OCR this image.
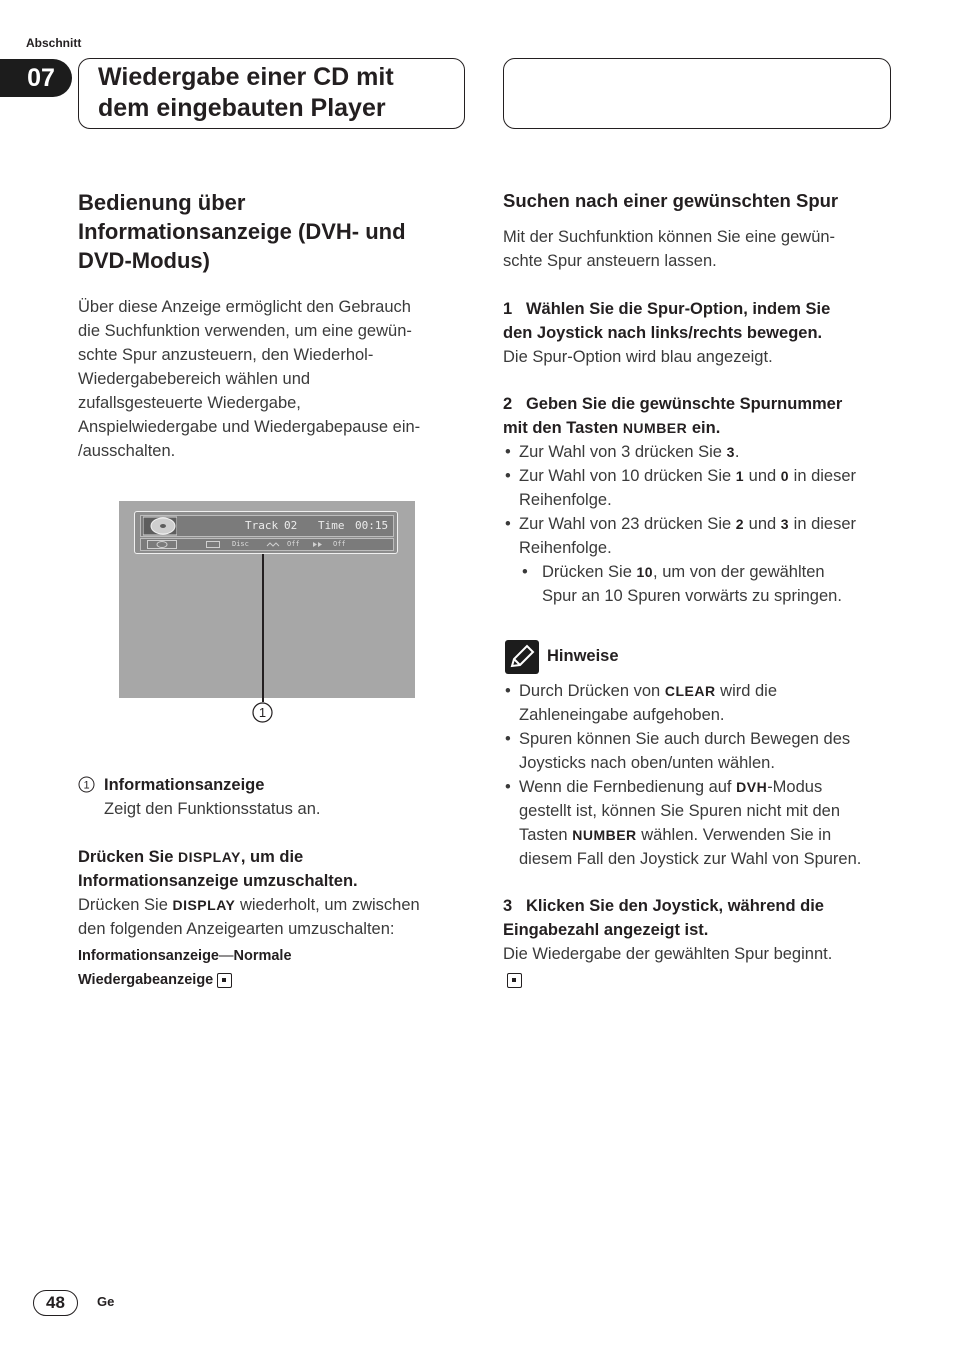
Abschnitt
07	Wiedergabe einer CD mit
dem eingebauten Player
Bedienung über
Informationsanzeige (DVH- und
DVD-Modus)
Über diese Anzeige ermöglicht den Gebrauch
die Suchfunktion verwenden, um eine gewün-
schte Spur anzusteuern, den Wiederhol-
Wiedergabebereich wählen und
zufallsgesteuerte Wiedergabe,
Anspielwiedergabe und Wiedergabepause ein-
/ausschalten.
Track 02 Time 00:15
Disc	Off	Off
1
1 Informationsanzeige
Zeigt den Funktionsstatus an.
Drücken Sie DISPLAY, um die
Informationsanzeige umzuschalten.
Drücken Sie DISPLAY wiederholt, um zwischen
den folgenden Anzeigearten umzuschalten:
Informationsanzeige—Normale
Wiedergabeanzeige
Suchen nach einer gewünschten Spur
Mit der Suchfunktion können Sie eine gewün-
schte Spur ansteuern lassen.
1 Wählen Sie die Spur-Option, indem Sie
den Joystick nach links/rechts bewegen.
Die Spur-Option wird blau angezeigt.
2 Geben Sie die gewünschte Spurnummer
mit den Tasten NUMBER ein.
• Zur Wahl von 3 drücken Sie 3.
• Zur Wahl von 10 drücken Sie 1 und 0 in dieser
Reihenfolge.
• Zur Wahl von 23 drücken Sie 2 und 3 in dieser
Reihenfolge.
• Drücken Sie 10, um von der gewählten
Spur an 10 Spuren vorwärts zu springen.
Hinweise
• Durch Drücken von CLEAR wird die
Zahleneingabe aufgehoben.
• Spuren können Sie auch durch Bewegen des
Joysticks nach oben/unten wählen.
• Wenn die Fernbedienung auf DVH-Modus
gestellt ist, können Sie Spuren nicht mit den
Tasten NUMBER wählen. Verwenden Sie in
diesem Fall den Joystick zur Wahl von Spuren.
3 Klicken Sie den Joystick, während die
Eingabezahl angezeigt ist.
Die Wiedergabe der gewählten Spur beginnt.
48	Ge
